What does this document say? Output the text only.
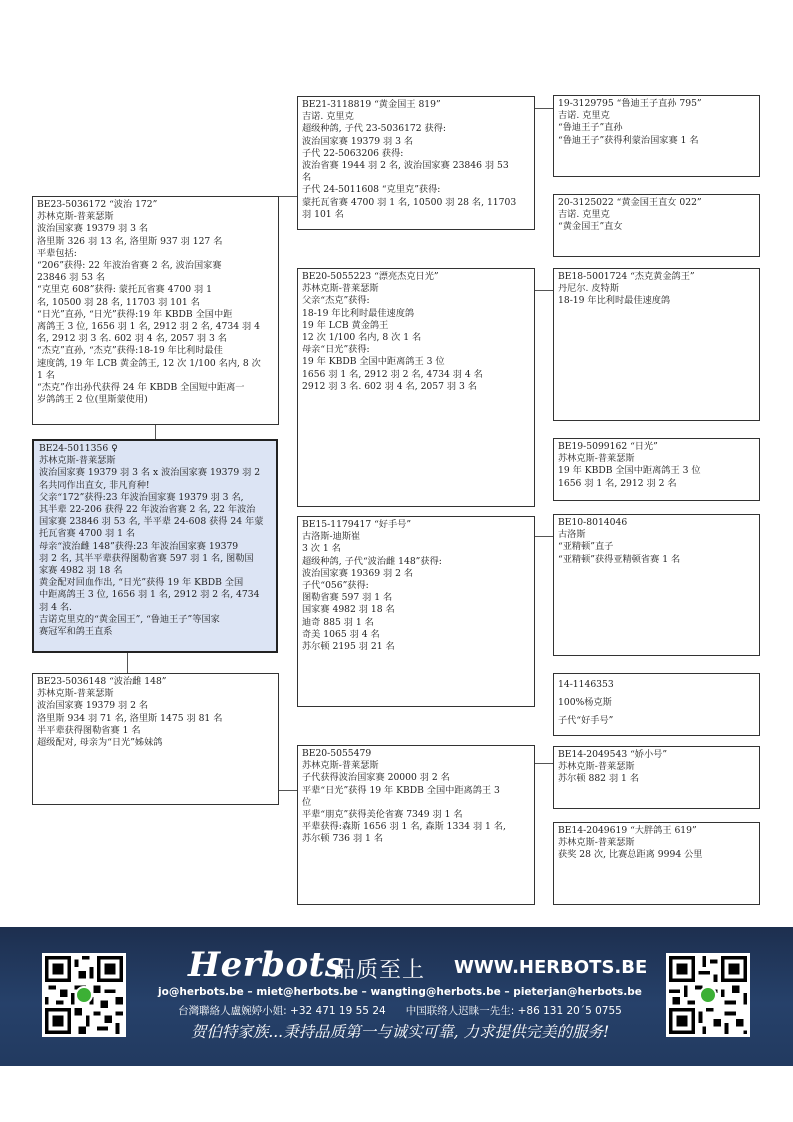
BE24-5011356 ♀
苏林克斯-普莱瑟斯
波治国家赛 19379 羽 3 名 x 波治国家赛 19379 羽 2
名共同作出直女, 非凡育种!
父亲“172”获得:23 年波治国家赛 19379 羽 3 名,
其半辈 22-206 获得 22 年波治省赛 2 名, 22 年波治
国家赛 23846 羽 53 名, 半平辈 24-608 获得 24 年蒙
托瓦省赛 4700 羽 1 名
母亲“波治雌 148”获得:23 年波治国家赛 19379
羽 2 名, 其半平辈获得图勒省赛 597 羽 1 名, 图勒国
家赛 4982 羽 18 名
黄金配对回血作出, “日光”获得 19 年 KBDB 全国
中距离鸽王 3 位, 1656 羽 1 名, 2912 羽 2 名, 4734
羽 4 名.
吉诺克里克的“黄金国王”, “鲁迪王子”等国家
赛冠军和鸽王直系
BE23-5036172 “波治 172”
苏林克斯-普莱瑟斯
波治国家赛 19379 羽 3 名
洛里斯 326 羽 13 名, 洛里斯 937 羽 127 名
平辈包括:
“206”获得: 22 年波治省赛 2 名, 波治国家赛
23846 羽 53 名
“克里克 608”获得: 蒙托瓦省赛 4700 羽 1
名, 10500 羽 28 名, 11703 羽 101 名
“日光”直孙, “日光”获得:19 年 KBDB 全国中距
离鸽王 3 位, 1656 羽 1 名, 2912 羽 2 名, 4734 羽 4
名, 2912 羽 3 名. 602 羽 4 名, 2057 羽 3 名
“杰克”直孙, “杰克”获得:18-19 年比利时最佳
速度鸽, 19 年 LCB 黄金鸽王, 12 次 1/100 名内, 8 次
1 名
“杰克”作出孙代获得 24 年 KBDB 全国短中距离一
岁鸽鸽王 2 位(里斯蒙使用)
BE23-5036148 “波治雌 148”
苏林克斯-普莱瑟斯
波治国家赛 19379 羽 2 名
洛里斯 934 羽 71 名, 洛里斯 1475 羽 81 名
半平辈获得图勒省赛 1 名
超级配对, 母亲为“日光”姊妹鸽
BE21-3118819 “黄金国王 819”
吉诺. 克里克
超级种鸽, 子代 23-5036172 获得:
波治国家赛 19379 羽 3 名
子代 22-5063206 获得:
波治省赛 1944 羽 2 名, 波治国家赛 23846 羽 53
名
子代 24-5011608 “克里克”获得:
蒙托瓦省赛 4700 羽 1 名, 10500 羽 28 名, 11703
羽 101 名
BE20-5055223 “漂亮杰克日光”
苏林克斯-普莱瑟斯
父亲“杰克”获得:
18-19 年比利时最佳速度鸽
19 年 LCB 黄金鸽王
12 次 1/100 名内, 8 次 1 名
母亲“日光”获得:
19 年 KBDB 全国中距离鸽王 3 位
1656 羽 1 名, 2912 羽 2 名, 4734 羽 4 名
2912 羽 3 名. 602 羽 4 名, 2057 羽 3 名
BE15-1179417 “好手号”
古洛斯-迪斯崔
3 次 1 名
超级种鸽, 子代“波治雌 148”获得:
波治国家赛 19369 羽 2 名
子代“056”获得:
图勒省赛 597 羽 1 名
国家赛 4982 羽 18 名
迪奇 885 羽 1 名
奇美 1065 羽 4 名
苏尔顿 2195 羽 21 名
BE20-5055479
苏林克斯-普莱瑟斯
子代获得波治国家赛 20000 羽 2 名
平辈“日光”获得 19 年 KBDB 全国中距离鸽王 3
位
平辈“朋克”获得美伦省赛 7349 羽 1 名
平辈获得:森斯 1656 羽 1 名, 森斯 1334 羽 1 名,
苏尔顿 736 羽 1 名
19-3129795 “鲁迪王子直孙 795”
吉诺. 克里克
“鲁迪王子”直孙
“鲁迪王子”获得利蒙治国家赛 1 名
20-3125022 “黄金国王直女 022”
吉诺. 克里克
“黄金国王”直女
BE18-5001724 “杰克黄金鸽王”
丹尼尔. 皮特斯
18-19 年比利时最佳速度鸽
BE19-5099162 “日光”
苏林克斯-普莱瑟斯
19 年 KBDB 全国中距离鸽王 3 位
1656 羽 1 名, 2912 羽 2 名
BE10-8014046
古洛斯
“亚精顿”直子
“亚精顿”获得亚精顿省赛 1 名
14-1146353
100%杨克斯
子代“好手号”
BE14-2049543 “娇小号”
苏林克斯-普莱瑟斯
苏尔顿 882 羽 1 名
BE14-2049619 “大胖鸽王 619”
苏林克斯-普莱瑟斯
获奖 28 次, 比赛总距离 9994 公里
Herbots
品质至上 WWW.HERBOTS.BE
jo@herbots.be – miet@herbots.be – wangting@herbots.be – pieterjan@herbots.be
台灣聯絡人盧婉婷小姐: +32 471 19 55 24 中国联络人迟睐一先生: +86 131 20´5 0755
贺伯特家族...秉持品质第一与诚实可靠, 力求提供完美的服务!
